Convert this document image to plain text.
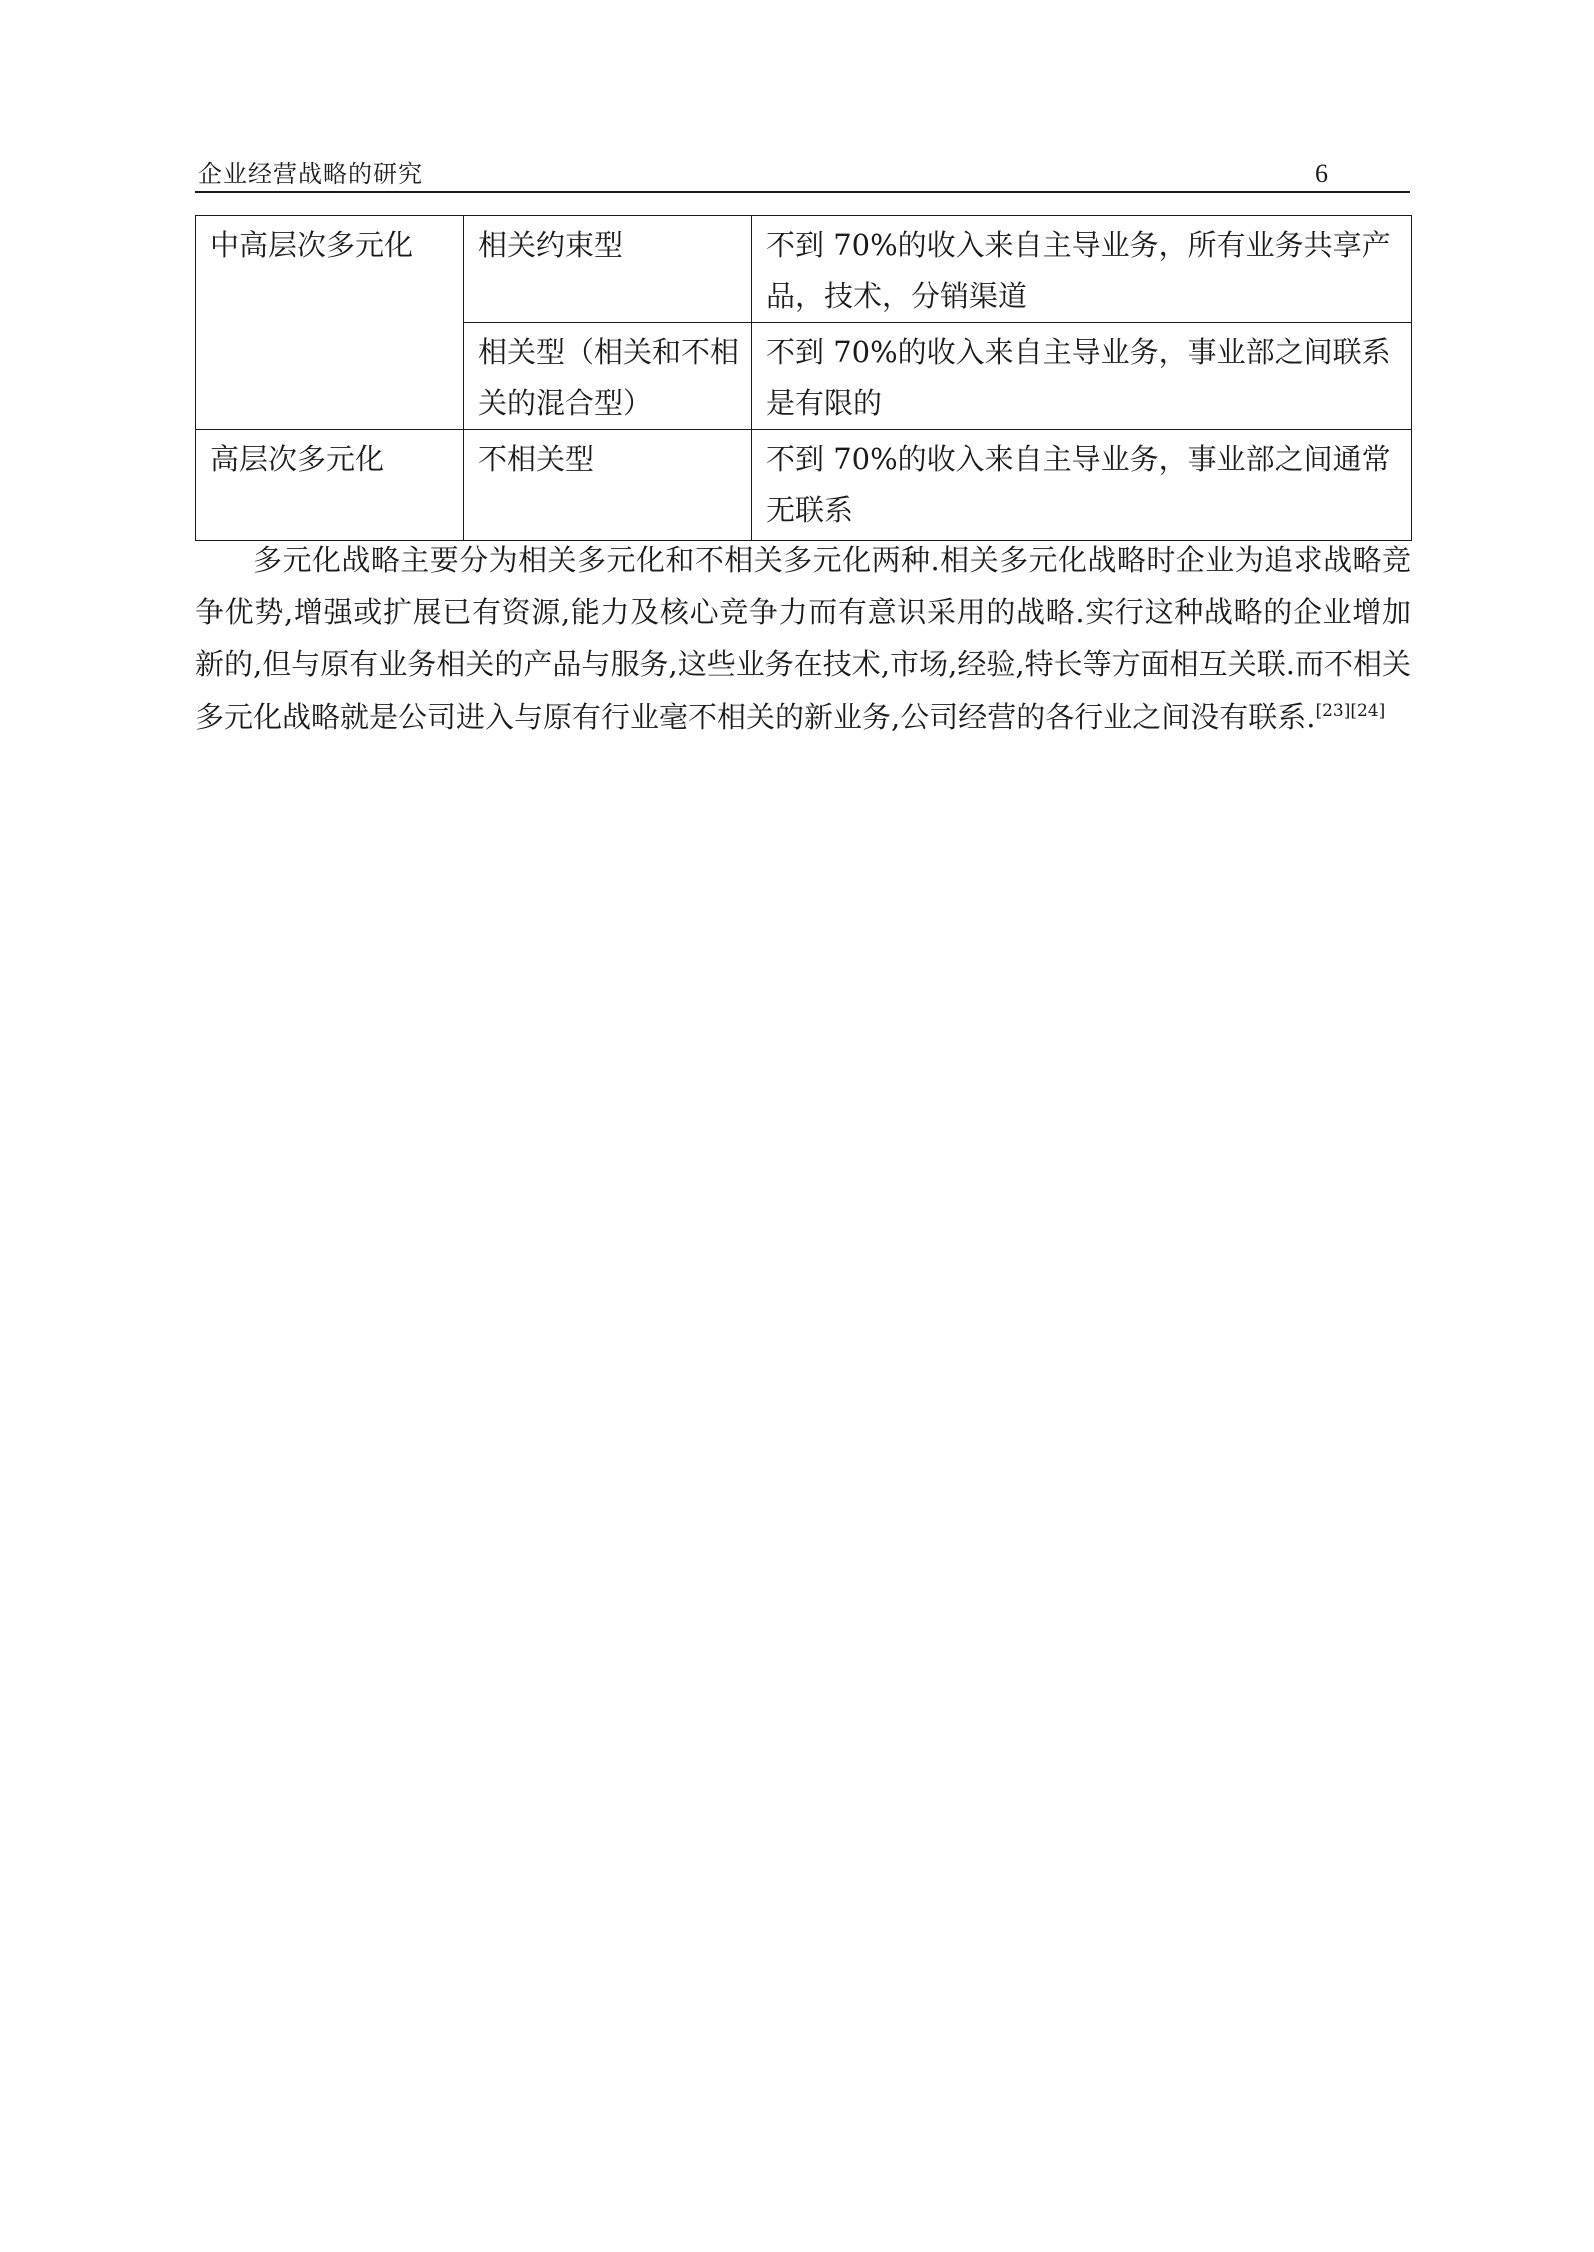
企业经营战略的研究	6
中高层次多元化	相关约束型	不到 70%的收入来自主导业务，所有业务共享产品，技术，分销渠道
	相关型（相关和不相关的混合型）	不到 70%的收入来自主导业务，事业部之间联系是有限的
高层次多元化	不相关型	不到 70%的收入来自主导业务，事业部之间通常无联系

多元化战略主要分为相关多元化和不相关多元化两种.相关多元化战略时企业为追求战略竞争优势,增强或扩展已有资源,能力及核心竞争力而有意识采用的战略.实行这种战略的企业增加新的,但与原有业务相关的产品与服务,这些业务在技术,市场,经验,特长等方面相互关联.而不相关多元化战略就是公司进入与原有行业毫不相关的新业务,公司经营的各行业之间没有联系.[23][24]
